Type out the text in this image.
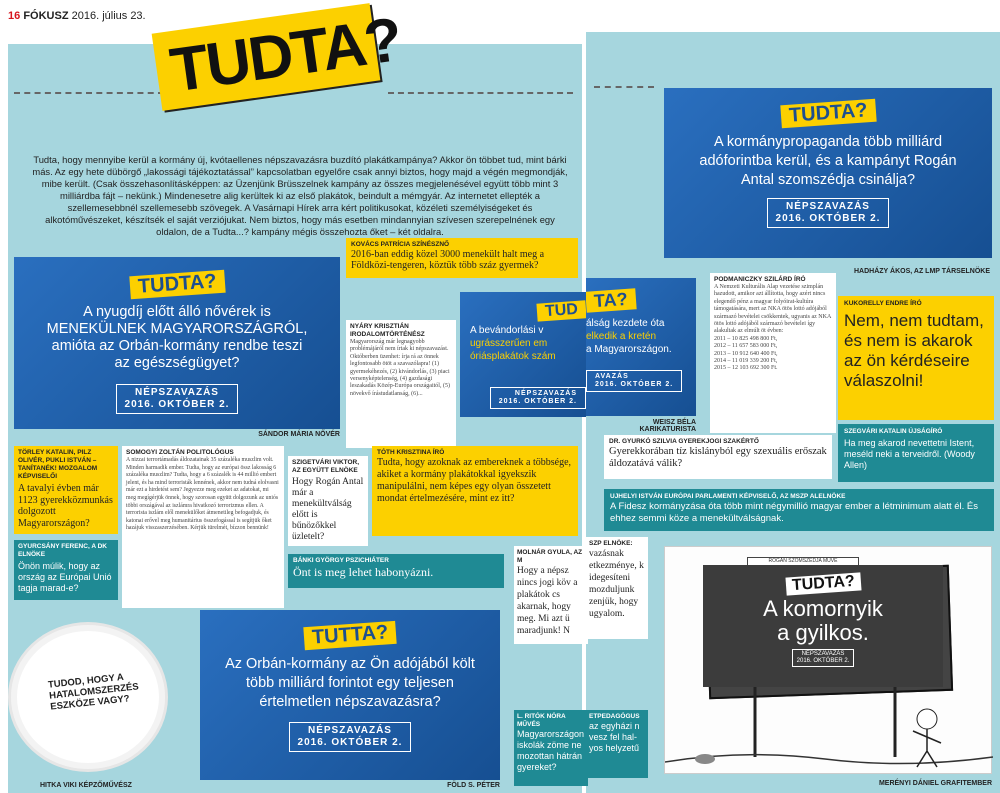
16 FÓKUSZ 2016. július 23. TUDTA?
Tudta, hogy mennyibe kerül a kormány új, kvótaellenes népszavazásra buzdító plakátkampánya? Akkor ön többet tud, mint bárki más. Az egy hete dübörgő „lakossági tájékoztatással” kapcsolatban egyelőre csak annyi biztos, hogy majd a végén megmondják, mibe került. (Csak összehasonlításképpen: az Üzenjünk Brüsszelnek kampány az összes megjelenésével együtt több mint 3 milliárdba fájt – nekünk.) Mindenesetre alig kerültek ki az első plakátok, beindult a mémgyár. Az internetet ellepték a szellemesebbnél szellemesebb szövegek. A Vasárnapi Hírek arra kért politikusokat, közéleti személyiségeket és alkotóművészeket, készítsék el saját verziójukat. Nem biztos, hogy más esetben mindannyian szívesen szerepelnének egy oldalon, de a Tudta...? kampány mégis összehozta őket – két oldalra.
TUDTA?
A nyugdíj előtt álló nővérek is MENEKÜLNEK MAGYARORSZÁGRÓL, amióta az Orbán-kormány rendbe teszi az egészségügyet?
NÉPSZAVAZÁS
2016. OKTÓBER 2.
SÁNDOR MÁRIA NŐVÉR
KOVÁCS PATRÍCIA SZÍNÉSZNŐ
2016-ban eddig közel 3000 menekült halt meg a Földközi-tengeren, köztük több száz gyermek?
NYÁRY KRISZTIÁN IRODALOMTÖRTÉNÉSZ
Magyarország már legnagyobb problémájáról nem írtak ki népszavazást. Októberben üzenhet: írja rá az önnek legfontosabb ötöt a szavazólapra! (1) gyermekéhezés, (2) kivándorlás, (3) piaci versenyképtelenség, (4) gazdasági leszakadás Közép-Európa országaitól, (5) növekvő írástudatlanság, (6)...
TUD
A bevándorlási v
ugrásszerűen em
óriásplakátok szám
NÉPSZAVAZÁS
2016. OKTÓBER 2.
TA?
álság kezdete óta
elkedik a kretén
a Magyarországon.
AVAZÁS
2016. OKTÓBER 2.
WEISZ BÉLA KARIKATURISTA
TUDTA?
A kormánypropaganda több milliárd adóforintba kerül, és a kampányt Rogán Antal szomszédja csinálja?
NÉPSZAVAZÁS
2016. OKTÓBER 2.
HADHÁZY ÁKOS, AZ LMP TÁRSELNÖKE
PODMANICZKY SZILÁRD ÍRÓ
A Nemzeti Kulturális Alap vezetése szimplán hazudott, amikor azt állította, hogy azért nincs elegendő pénz a magyar folyóirat-kultúra támogatására, mert az NKA ötös lottó adójából származó bevételei csökkentek, ugyanis az NKA ötös lottó adójából származó bevételei így alakultak az elmúlt öt évben:
2011 – 10 825 498 800 Ft,
2012 – 11 657 583 000 Ft,
2013 – 10 912 640 400 Ft,
2014 – 11 019 339 200 Ft,
2015 – 12 103 692 300 Ft.
KUKORELLY ENDRE ÍRÓ
Nem, nem tudtam, és nem is akarok az ön kérdéseire válaszolni!
SZEGVÁRI KATALIN ÚJSÁGÍRÓ
Ha meg akarod nevettetni Istent, meséld neki a terveidről. (Woody Allen)
DR. GYURKÓ SZILVIA GYEREKJOGI SZAKÉRTŐ
Gyerekkorában tíz kislányból egy szexuális erőszak áldozatává válik?
UJHELYI ISTVÁN EURÓPAI PARLAMENTI KÉPVISELŐ, AZ MSZP ALELNÖKE
A Fidesz kormányzása óta több mint négymillió magyar ember a létminimum alatt él. És ehhez semmi köze a menekültválságnak.
TÖRLEY KATALIN, PILZ OLIVÉR, PUKLI ISTVÁN – TANÍTANÉK! MOZGALOM KÉPVISELŐI
A tavalyi évben már 1123 gyerekközmunkás dolgozott Magyarországon?
GYURCSÁNY FERENC, A DK ELNÖKE
Önön múlik, hogy az ország az Európai Unió tagja marad-e?
SOMOGYI ZOLTÁN POLITOLÓGUS
A nizzai terrortámadás áldozatainak 35 százaléka muszlim volt. Minden harmadik ember. Tudta, hogy az európai össz lakosság 6 százaléka muszlim? Tudta, hogy a 6 százalék is 44 millió embert jelent, és ha mind terroristák lennének, akkor nem tudná elolvasni már ezt a hirdetést sem? Jegyezze meg ezeket az adatokat, mi meg megígérjük önnek, hogy szorosan együtt dolgozunk az uniós többi országával az iszlámra hivatkozó terrorizmus ellen. A terrorista iszlám elől menekülőket átmenetileg befogadjuk, és katonai erővel meg humanitárius összefogással is segítjük őket hazájuk visszaszerzésében. Kérjük türelmét, bízzon bennünk!
SZIGETVÁRI VIKTOR, AZ EGYÜTT ELNÖKE
Hogy Rogán Antal már a menekültválság előtt is bűnözőkkel üzletelt?
TÓTH KRISZTINA ÍRÓ
Tudta, hogy azoknak az embereknek a többsége, akiket a kormány plakátokkal igyekszik manipulálni, nem képes egy olyan összetett mondat értelmezésére, mint ez itt?
BÁNKI GYÖRGY PSZICHIÁTER
Önt is meg lehet habonyázni.
MOLNÁR GYULA, AZ M
Hogy a népsz nincs jogi köv a plakátok cs akarnak, hogy meg. Mi azt ü maradjunk! N
SZP ELNÖKE:
vazásnak etkezménye, k idegesíteni mozduljunk zenjük, hogy ugyalom.
TUTTA?
Az Orbán-kormány az Ön adójából költ több milliárd forintot egy teljesen értelmetlen népszavazásra?
NÉPSZAVAZÁS
2016. OKTÓBER 2.
FÖLD S. PÉTER
L. RITÓK NÓRA MŰVÉS
Magyarországon iskolák zöme ne mozottan hátrán gyereket?
ETPEDAGÓGUS
az egyházi n vesz fel hal-yos helyzetű
TUDOD, HOGY A HATALOMSZERZÉS ESZKÖZE VAGY?
HITKA VIKI KÉPZŐMŰVÉSZ
ROGÁN SZOMSZÉDJA MŰVE
TUDTA?
A komornyik
a gyilkos.
NÉPSZAVAZÁS
2016. OKTÓBER 2.
MERÉNYI DÁNIEL GRAFITEMBER
